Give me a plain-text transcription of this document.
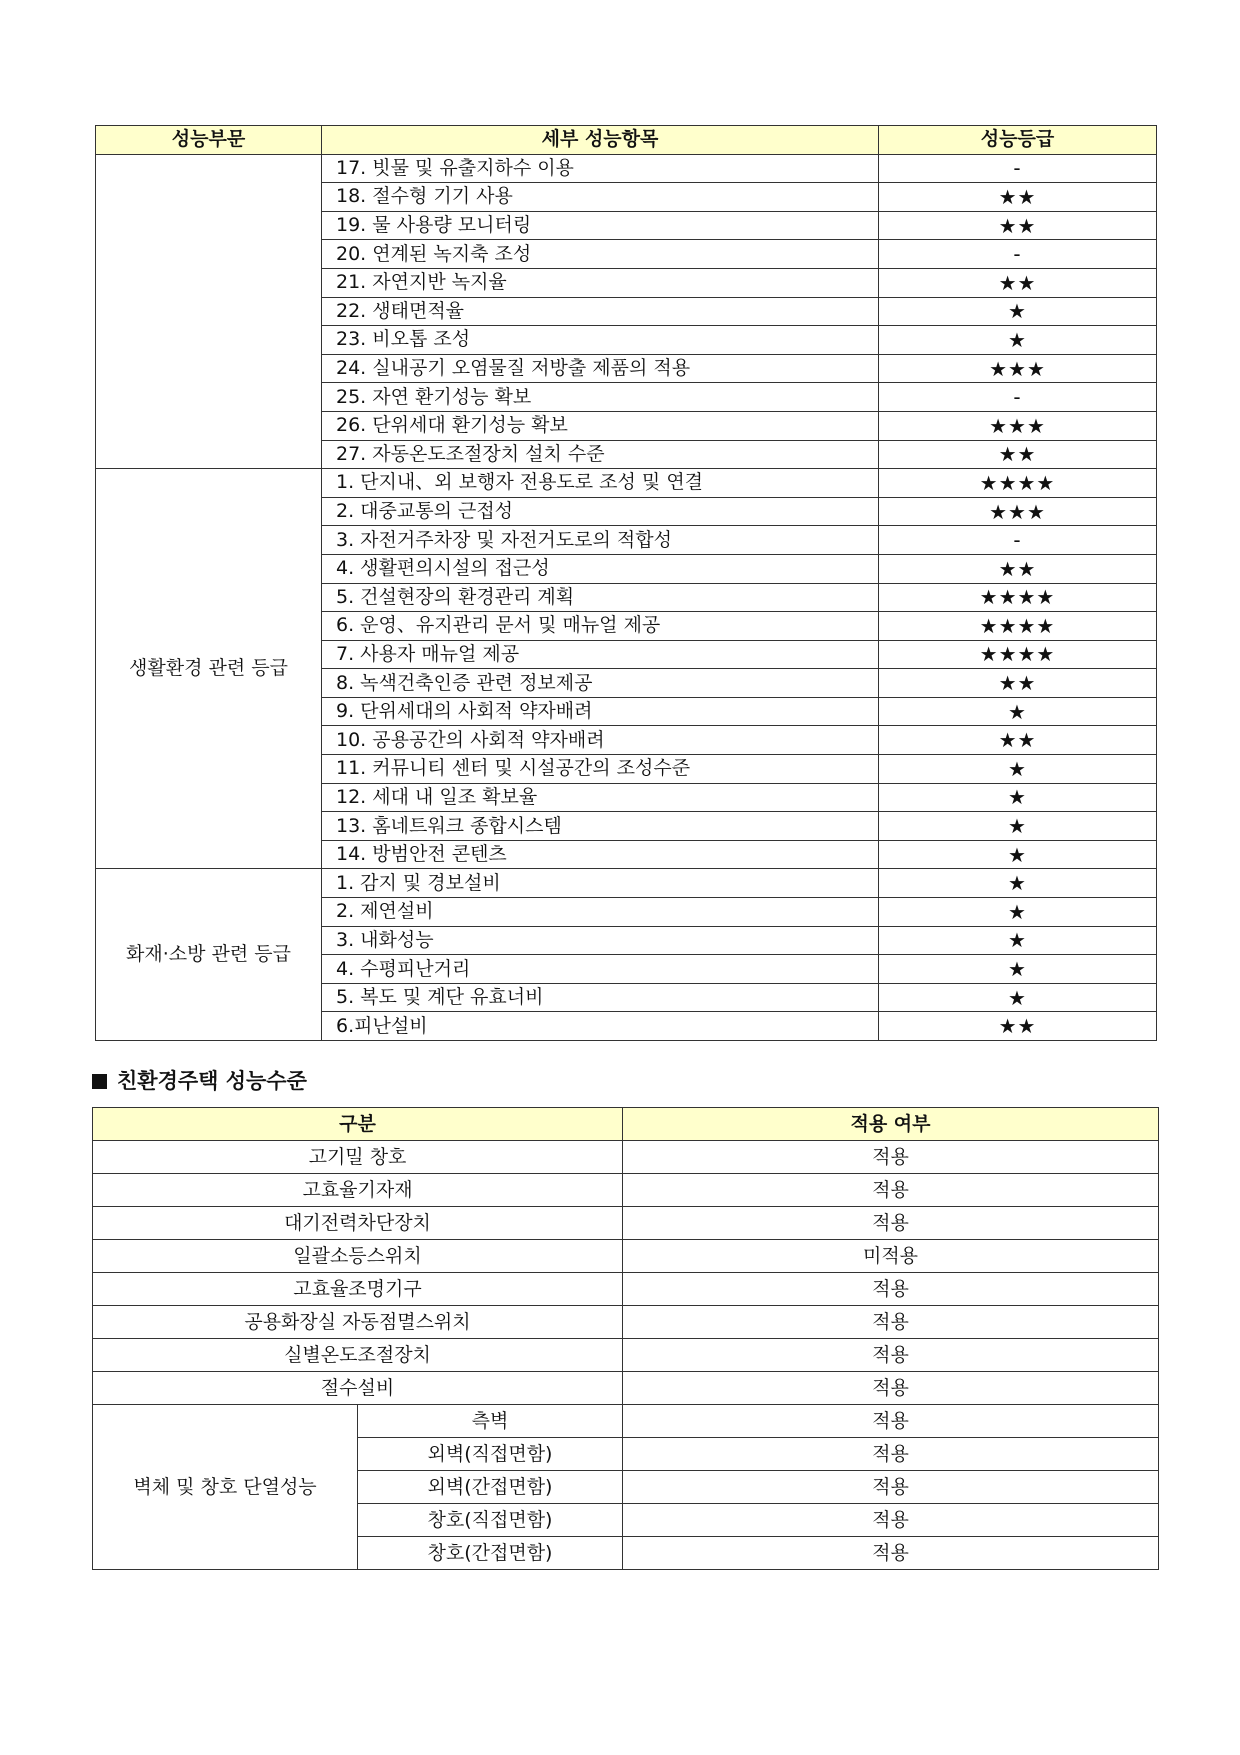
성능부문	세부 성능항목	성능등급
	17. 빗물 및 유출지하수 이용	-
	18. 절수형 기기 사용	★★
	19. 물 사용량 모니터링	★★
	20. 연계된 녹지축 조성	-
	21. 자연지반 녹지율	★★
	22. 생태면적율	★
	23. 비오톱 조성	★
	24. 실내공기 오염물질 저방출 제품의 적용	★★★
	25. 자연 환기성능 확보	-
	26. 단위세대 환기성능 확보	★★★
	27. 자동온도조절장치 설치 수준	★★
생활환경 관련 등급	1. 단지내、외 보행자 전용도로 조성 및 연결	★★★★
	2. 대중교통의 근접성	★★★
	3. 자전거주차장 및 자전거도로의 적합성	-
	4. 생활편의시설의 접근성	★★
	5. 건설현장의 환경관리 계획	★★★★
	6. 운영、유지관리 문서 및 매뉴얼 제공	★★★★
	7. 사용자 매뉴얼 제공	★★★★
	8. 녹색건축인증 관련 정보제공	★★
	9. 단위세대의 사회적 약자배려	★
	10. 공용공간의 사회적 약자배려	★★
	11. 커뮤니티 센터 및 시설공간의 조성수준	★
	12. 세대 내 일조 확보율	★
	13. 홈네트워크 종합시스템	★
	14. 방범안전 콘텐츠	★
화재·소방 관련 등급	1. 감지 및 경보설비	★
	2. 제연설비	★
	3. 내화성능	★
	4. 수평피난거리	★
	5. 복도 및 계단 유효너비	★
	6.피난설비	★★
친환경주택 성능수준
구분		적용 여부
고기밀 창호		적용
고효율기자재		적용
대기전력차단장치		적용
일괄소등스위치		미적용
고효율조명기구		적용
공용화장실 자동점멸스위치		적용
실별온도조절장치		적용
절수설비		적용
벽체 및 창호 단열성능	측벽	적용
	외벽(직접면함)	적용
	외벽(간접면함)	적용
	창호(직접면함)	적용
	창호(간접면함)	적용
